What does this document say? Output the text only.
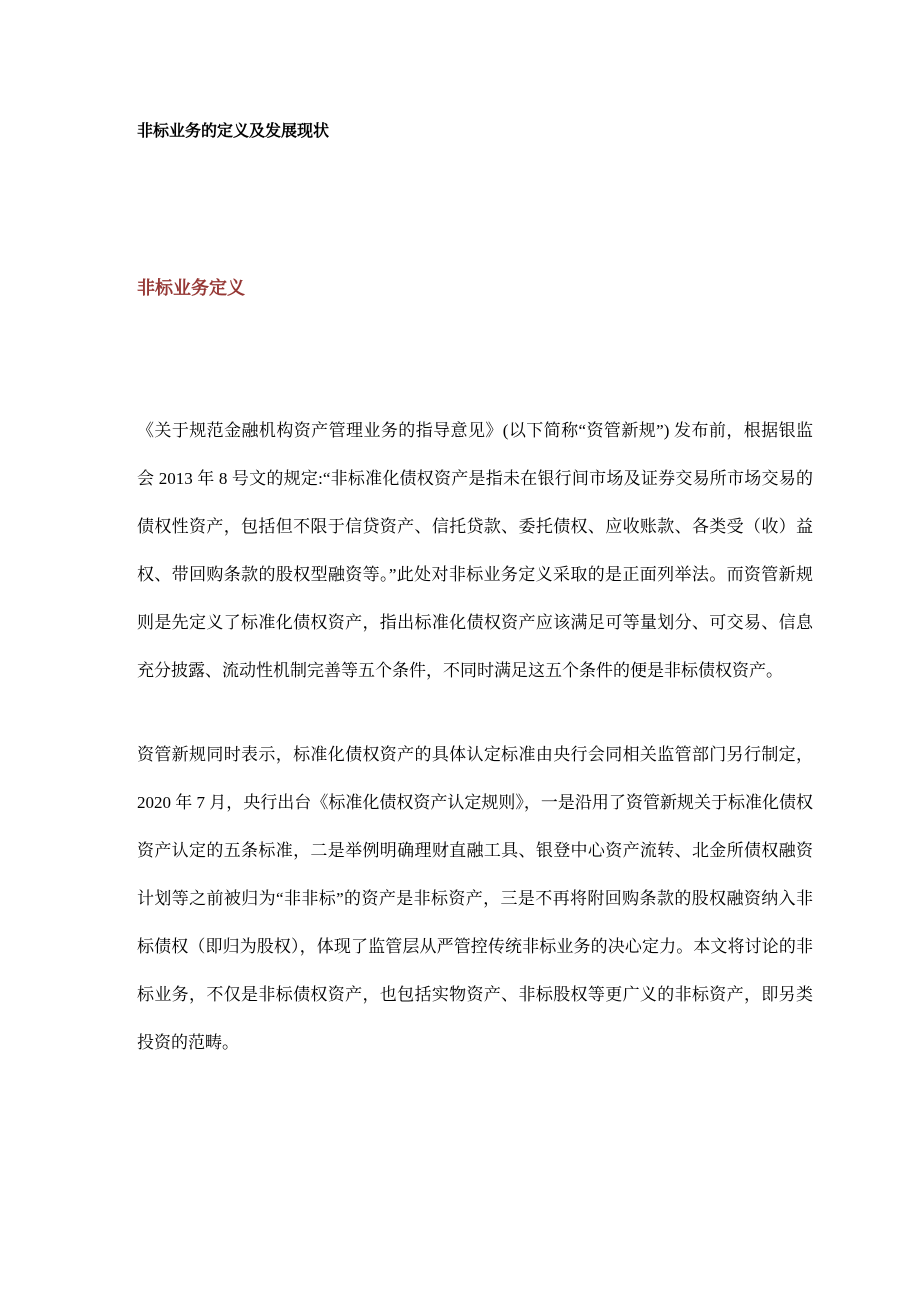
非标业务的定义及发展现状
非标业务定义

《关于规范金融机构资产管理业务的指导意见》(以下简称“资管新规”) 发布前，根据银监会 2013 年 8 号文的规定:“非标准化债权资产是指未在银行间市场及证券交易所市场交易的债权性资产，包括但不限于信贷资产、信托贷款、委托债权、应收账款、各类受（收）益权、带回购条款的股权型融资等。”此处对非标业务定义采取的是正面列举法。而资管新规则是先定义了标准化债权资产，指出标准化债权资产应该满足可等量划分、可交易、信息充分披露、流动性机制完善等五个条件，不同时满足这五个条件的便是非标债权资产。

资管新规同时表示，标准化债权资产的具体认定标准由央行会同相关监管部门另行制定，2020 年 7 月，央行出台《标准化债权资产认定规则》，一是沿用了资管新规关于标准化债权资产认定的五条标准，二是举例明确理财直融工具、银登中心资产流转、北金所债权融资计划等之前被归为“非非标”的资产是非标资产，三是不再将附回购条款的股权融资纳入非标债权（即归为股权），体现了监管层从严管控传统非标业务的决心定力。本文将讨论的非标业务，不仅是非标债权资产，也包括实物资产、非标股权等更广义的非标资产，即另类投资的范畴。
